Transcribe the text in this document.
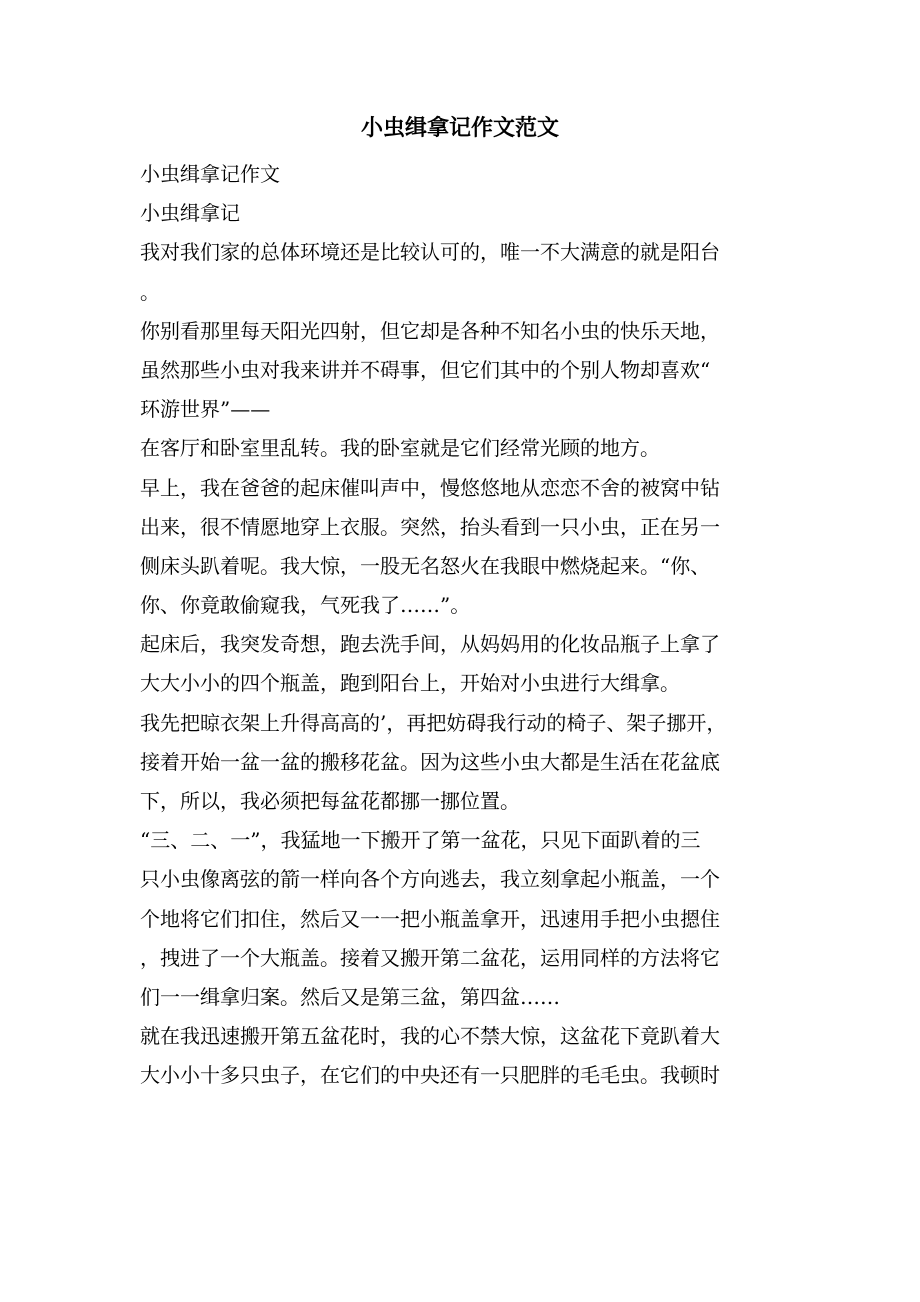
小虫缉拿记作文范文
小虫缉拿记作文
小虫缉拿记
我对我们家的总体环境还是比较认可的，唯一不大满意的就是阳台
。
你别看那里每天阳光四射，但它却是各种不知名小虫的快乐天地，
虽然那些小虫对我来讲并不碍事，但它们其中的个别人物却喜欢“
环游世界”——
在客厅和卧室里乱转。我的卧室就是它们经常光顾的地方。
早上，我在爸爸的起床催叫声中，慢悠悠地从恋恋不舍的被窝中钻
出来，很不情愿地穿上衣服。突然，抬头看到一只小虫，正在另一
侧床头趴着呢。我大惊，一股无名怒火在我眼中燃烧起来。“你、
你、你竟敢偷窥我，气死我了……”。
起床后，我突发奇想，跑去洗手间，从妈妈用的化妆品瓶子上拿了
大大小小的四个瓶盖，跑到阳台上，开始对小虫进行大缉拿。
我先把晾衣架上升得高高的’，再把妨碍我行动的椅子、架子挪开，
接着开始一盆一盆的搬移花盆。因为这些小虫大都是生活在花盆底
下，所以，我必须把每盆花都挪一挪位置。
“三、二、一”，我猛地一下搬开了第一盆花，只见下面趴着的三
只小虫像离弦的箭一样向各个方向逃去，我立刻拿起小瓶盖，一个
个地将它们扣住，然后又一一把小瓶盖拿开，迅速用手把小虫摁住
，拽进了一个大瓶盖。接着又搬开第二盆花，运用同样的方法将它
们一一缉拿归案。然后又是第三盆，第四盆……
就在我迅速搬开第五盆花时，我的心不禁大惊，这盆花下竟趴着大
大小小十多只虫子，在它们的中央还有一只肥胖的毛毛虫。我顿时
